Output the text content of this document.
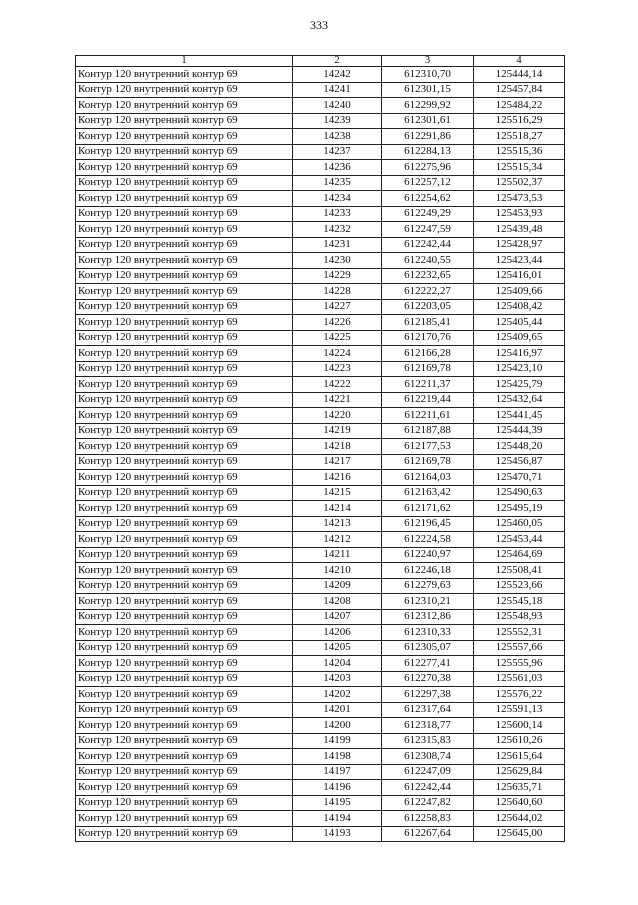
333
1	2	3	4
Контур 120 внутренний контур 69	14242	612310,70	125444,14
Контур 120 внутренний контур 69	14241	612301,15	125457,84
Контур 120 внутренний контур 69	14240	612299,92	125484,22
Контур 120 внутренний контур 69	14239	612301,61	125516,29
Контур 120 внутренний контур 69	14238	612291,86	125518,27
Контур 120 внутренний контур 69	14237	612284,13	125515,36
Контур 120 внутренний контур 69	14236	612275,96	125515,34
Контур 120 внутренний контур 69	14235	612257,12	125502,37
Контур 120 внутренний контур 69	14234	612254,62	125473,53
Контур 120 внутренний контур 69	14233	612249,29	125453,93
Контур 120 внутренний контур 69	14232	612247,59	125439,48
Контур 120 внутренний контур 69	14231	612242,44	125428,97
Контур 120 внутренний контур 69	14230	612240,55	125423,44
Контур 120 внутренний контур 69	14229	612232,65	125416,01
Контур 120 внутренний контур 69	14228	612222,27	125409,66
Контур 120 внутренний контур 69	14227	612203,05	125408,42
Контур 120 внутренний контур 69	14226	612185,41	125405,44
Контур 120 внутренний контур 69	14225	612170,76	125409,65
Контур 120 внутренний контур 69	14224	612166,28	125416,97
Контур 120 внутренний контур 69	14223	612169,78	125423,10
Контур 120 внутренний контур 69	14222	612211,37	125425,79
Контур 120 внутренний контур 69	14221	612219,44	125432,64
Контур 120 внутренний контур 69	14220	612211,61	125441,45
Контур 120 внутренний контур 69	14219	612187,88	125444,39
Контур 120 внутренний контур 69	14218	612177,53	125448,20
Контур 120 внутренний контур 69	14217	612169,78	125456,87
Контур 120 внутренний контур 69	14216	612164,03	125470,71
Контур 120 внутренний контур 69	14215	612163,42	125490,63
Контур 120 внутренний контур 69	14214	612171,62	125495,19
Контур 120 внутренний контур 69	14213	612196,45	125460,05
Контур 120 внутренний контур 69	14212	612224,58	125453,44
Контур 120 внутренний контур 69	14211	612240,97	125464,69
Контур 120 внутренний контур 69	14210	612246,18	125508,41
Контур 120 внутренний контур 69	14209	612279,63	125523,66
Контур 120 внутренний контур 69	14208	612310,21	125545,18
Контур 120 внутренний контур 69	14207	612312,86	125548,93
Контур 120 внутренний контур 69	14206	612310,33	125552,31
Контур 120 внутренний контур 69	14205	612305,07	125557,66
Контур 120 внутренний контур 69	14204	612277,41	125555,96
Контур 120 внутренний контур 69	14203	612270,38	125561,03
Контур 120 внутренний контур 69	14202	612297,38	125576,22
Контур 120 внутренний контур 69	14201	612317,64	125591,13
Контур 120 внутренний контур 69	14200	612318,77	125600,14
Контур 120 внутренний контур 69	14199	612315,83	125610,26
Контур 120 внутренний контур 69	14198	612308,74	125615,64
Контур 120 внутренний контур 69	14197	612247,09	125629,84
Контур 120 внутренний контур 69	14196	612242,44	125635,71
Контур 120 внутренний контур 69	14195	612247,82	125640,60
Контур 120 внутренний контур 69	14194	612258,83	125644,02
Контур 120 внутренний контур 69	14193	612267,64	125645,00
